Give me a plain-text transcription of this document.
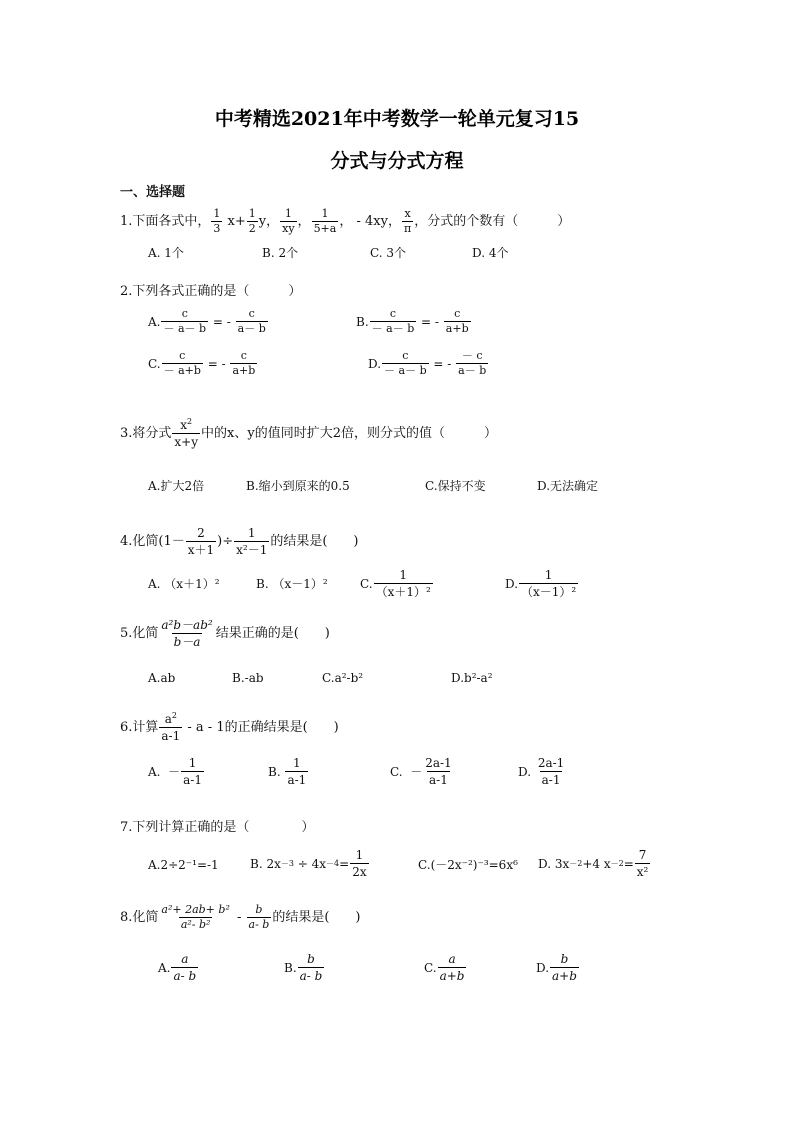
中考精选2021年中考数学一轮单元复习15
分式与分式方程
一、选择题
1.下面各式中， $\frac{1}{3} x+ \frac{1}{2}$ y， $\frac{1}{xy}$ ， $\frac{1}{5+a}$ ， - 4xy， $\frac{x}{\pi}$ ，分式的个数有（　　　）
A. 1个	B. 2个	C. 3个	D. 4个
2.下列各式正确的是（　　　）
A. $\frac{c}{- a- b}$ = - $\frac{c}{a- b}$	B. $\frac{c}{- a- b}$ = - $\frac{c}{a+b}$
C. $\frac{c}{- a+b}$ = - $\frac{c}{a+b}$	D. $\frac{c}{- a- b}$ = - $\frac{- c}{a- b}$
3.将分式 $\frac{x^2}{x+y}$ 中的x、y的值同时扩大2倍，则分式的值（　　　）
A.扩大2倍	B.缩小到原来的0.5	C.保持不变	D.无法确定
4.化简($1- \frac{2}{x+1}$ )÷ $\frac{1}{\text{x²－1}}$ 的结果是(　　)
A. （x＋1）²	B. （x－1）²	C. $\frac{1}{\text{（x＋1）²}}$	D. $\frac{1}{\text{（x－1）²}}$
5.化简 $\frac{\text{a²b－ab²}}{b-a}$ 结果正确的是(　　)
A.ab	B.-ab	C.a²-b²	D.b²-a²
6.计算 $\frac{a^2}{a-1}$ - a - 1的正确结果是(　　)
A.  － $\frac{1}{a-1}$	B. $\frac{1}{a-1}$	C.  － $\frac{2a-1}{a-1}$	D. $\frac{2a-1}{a-1}$
7.下列计算正确的是（　　　　）
A.2÷2⁻¹=-1	B. $2x -3 \div 4x -4 = \frac{1}{2x}$	C.(－2x⁻²)⁻³=6x⁶ D. 3x －2 +4 $x -2 = \frac{7}{\text{x²}}$
8.化简 $\frac{\text{a²+ 2ab+ b²}}{\text{a²- b²}} - \frac{b}{a- b}$ 的结果是(　　)
A. $\frac{a}{a- b}$	B. $\frac{b}{a- b}$	C. $\frac{a}{a+b}$	D. $\frac{b}{a+b}$
